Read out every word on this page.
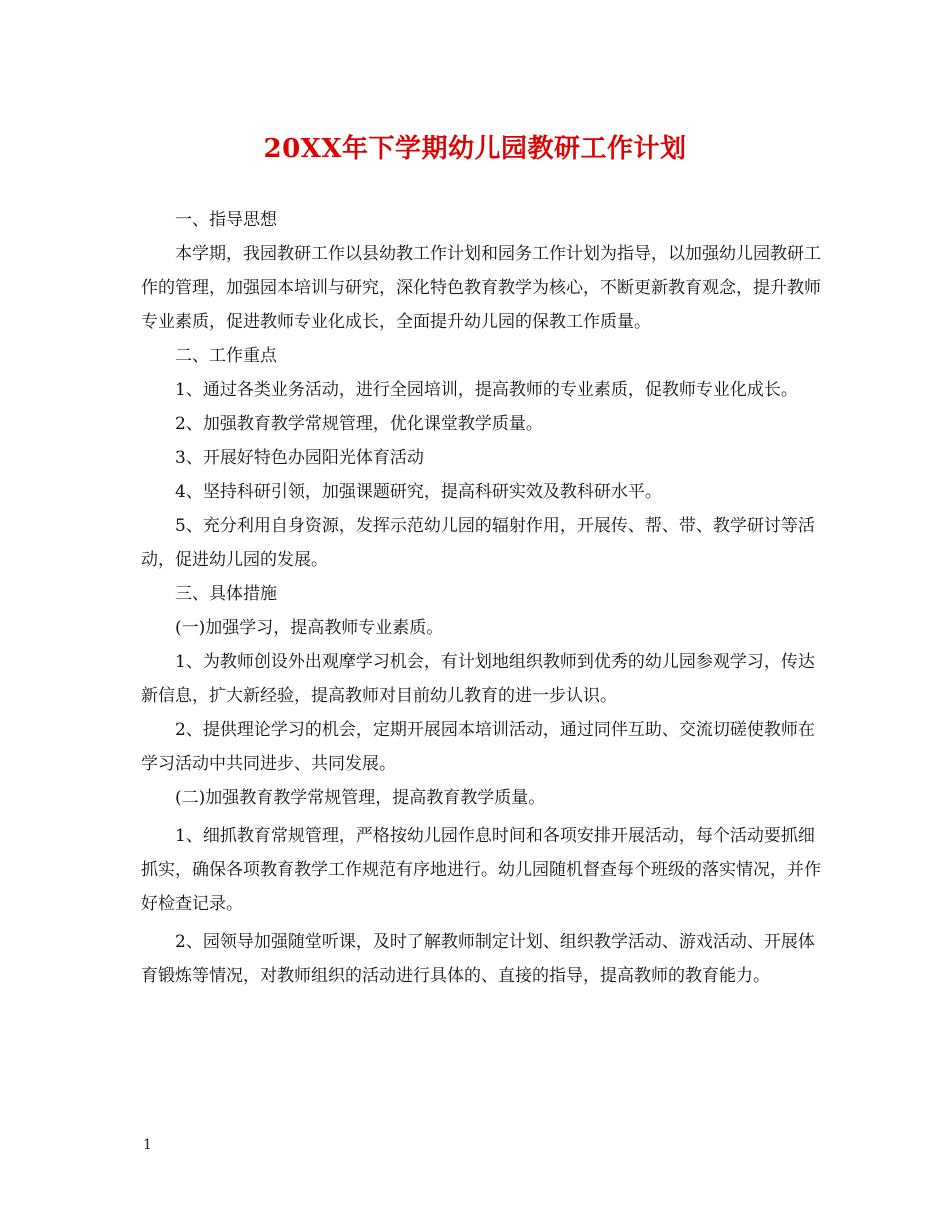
20XX年下学期幼儿园教研工作计划

一、指导思想

本学期，我园教研工作以县幼教工作计划和园务工作计划为指导，以加强幼儿园教研工作的管理，加强园本培训与研究，深化特色教育教学为核心，不断更新教育观念，提升教师专业素质，促进教师专业化成长，全面提升幼儿园的保教工作质量。

二、工作重点

1、通过各类业务活动，进行全园培训，提高教师的专业素质，促教师专业化成长。

2、加强教育教学常规管理，优化课堂教学质量。

3、开展好特色办园阳光体育活动

4、坚持科研引领，加强课题研究，提高科研实效及教科研水平。

5、充分利用自身资源，发挥示范幼儿园的辐射作用，开展传、帮、带、教学研讨等活动，促进幼儿园的发展。

三、具体措施

(一)加强学习，提高教师专业素质。

1、为教师创设外出观摩学习机会，有计划地组织教师到优秀的幼儿园参观学习，传达新信息，扩大新经验，提高教师对目前幼儿教育的进一步认识。

2、提供理论学习的机会，定期开展园本培训活动，通过同伴互助、交流切磋使教师在学习活动中共同进步、共同发展。

(二)加强教育教学常规管理，提高教育教学质量。

1、细抓教育常规管理，严格按幼儿园作息时间和各项安排开展活动，每个活动要抓细抓实，确保各项教育教学工作规范有序地进行。幼儿园随机督查每个班级的落实情况，并作好检查记录。

2、园领导加强随堂听课，及时了解教师制定计划、组织教学活动、游戏活动、开展体育锻炼等情况，对教师组织的活动进行具体的、直接的指导，提高教师的教育能力。

1
